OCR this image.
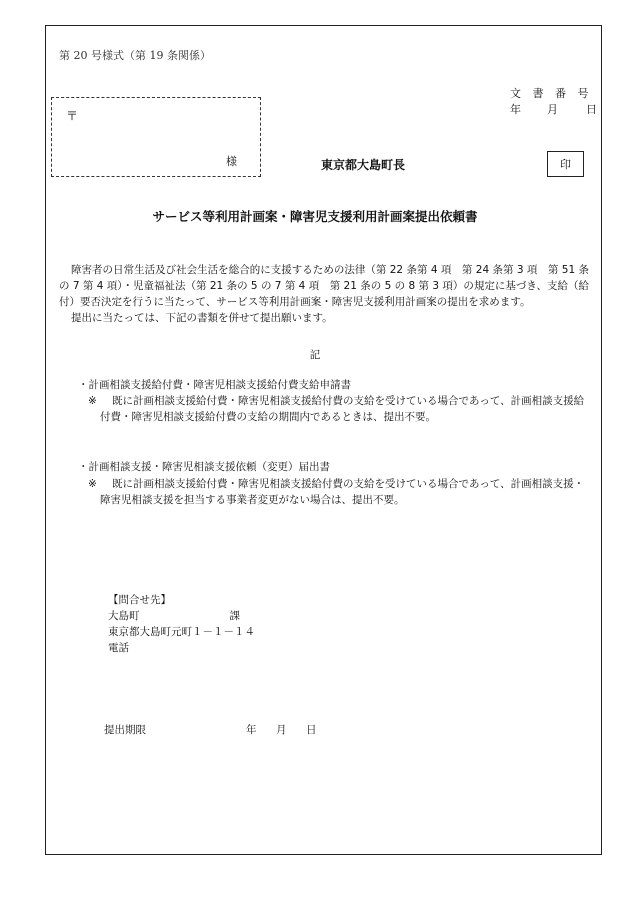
第 20 号様式（第 19 条関係）
文 書 番 号
年 月	日
〒
様	東京都大島町長	印
サービス等利用計画案・障害児支援利用計画案提出依頼書
障害者の日常生活及び社会生活を総合的に支援するための法律（第 22 条第 4 項　第 24 条第 3 項　第 51 条の 7 第 4 項）・児童福祉法（第 21 条の 5 の 7 第 4 項　第 21 条の 5 の 8 第 3 項）の規定に基づき、支給（給付）要否決定を行うに当たって、サービス等利用計画案・障害児支援利用計画案の提出を求めます。
提出に当たっては、下記の書類を併せて提出願います。
記
・計画相談支援給付費・障害児相談支援給付費支給申請書
※	既に計画相談支援給付費・障害児相談支援給付費の支給を受けている場合であって、計画相談支援給付費・障害児相談支援給付費の支給の期間内であるときは、提出不要。
・計画相談支援・障害児相談支援依頼（変更）届出書
※	既に計画相談支援給付費・障害児相談支援給付費の支給を受けている場合であって、計画相談支援・障害児相談支援を担当する事業者変更がない場合は、提出不要。
【問合せ先】
大島町	課
東京都大島町元町１－１－１４
電話
提出期限	年 月 日
